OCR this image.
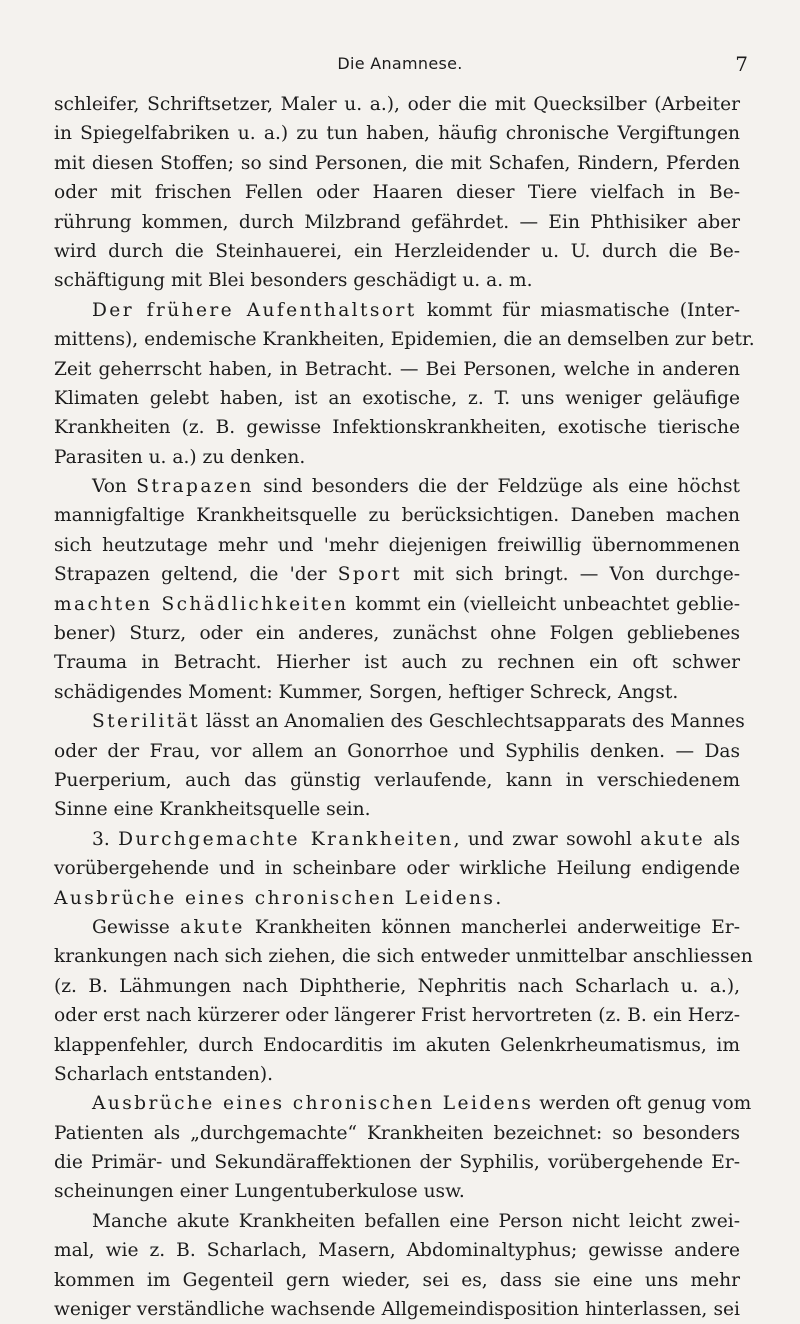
Die Anamnese.	7
schleifer, Schriftsetzer, Maler u. a.), oder die mit Quecksilber (Arbeiter
in Spiegelfabriken u. a.) zu tun haben, häufig chronische Vergiftungen
mit diesen Stoffen; so sind Personen, die mit Schafen, Rindern, Pferden
oder mit frischen Fellen oder Haaren dieser Tiere vielfach in Be-
rührung kommen, durch Milzbrand gefährdet. — Ein Phthisiker aber
wird durch die Steinhauerei, ein Herzleidender u. U. durch die Be-
schäftigung mit Blei besonders geschädigt u. a. m.
Der frühere Aufenthaltsort kommt für miasmatische (Inter-
mittens), endemische Krankheiten, Epidemien, die an demselben zur betr.
Zeit geherrscht haben, in Betracht. — Bei Personen, welche in anderen
Klimaten gelebt haben, ist an exotische, z. T. uns weniger geläufige
Krankheiten (z. B. gewisse Infektionskrankheiten, exotische tierische
Parasiten u. a.) zu denken.
Von Strapazen sind besonders die der Feldzüge als eine höchst
mannigfaltige Krankheitsquelle zu berücksichtigen. Daneben machen
sich heutzutage mehr und 'mehr diejenigen freiwillig übernommenen
Strapazen geltend, die 'der Sport mit sich bringt. — Von durchge-
machten Schädlichkeiten kommt ein (vielleicht unbeachtet geblie-
bener) Sturz, oder ein anderes, zunächst ohne Folgen gebliebenes
Trauma in Betracht. Hierher ist auch zu rechnen ein oft schwer
schädigendes Moment: Kummer, Sorgen, heftiger Schreck, Angst.
Sterilität lässt an Anomalien des Geschlechtsapparats des Mannes
oder der Frau, vor allem an Gonorrhoe und Syphilis denken. — Das
Puerperium, auch das günstig verlaufende, kann in verschiedenem
Sinne eine Krankheitsquelle sein.
3. Durchgemachte Krankheiten, und zwar sowohl akute als
vorübergehende und in scheinbare oder wirkliche Heilung endigende
Ausbrüche eines chronischen Leidens.
Gewisse akute Krankheiten können mancherlei anderweitige Er-
krankungen nach sich ziehen, die sich entweder unmittelbar anschliessen
(z. B. Lähmungen nach Diphtherie, Nephritis nach Scharlach u. a.),
oder erst nach kürzerer oder längerer Frist hervortreten (z. B. ein Herz-
klappenfehler, durch Endocarditis im akuten Gelenkrheumatismus, im
Scharlach entstanden).
Ausbrüche eines chronischen Leidens werden oft genug vom
Patienten als „durchgemachte“ Krankheiten bezeichnet: so besonders
die Primär- und Sekundäraffektionen der Syphilis, vorübergehende Er-
scheinungen einer Lungentuberkulose usw.
Manche akute Krankheiten befallen eine Person nicht leicht zwei-
mal, wie z. B. Scharlach, Masern, Abdominaltyphus; gewisse andere
kommen im Gegenteil gern wieder, sei es, dass sie eine uns mehr
weniger verständliche wachsende Allgemeindisposition hinterlassen, sei
